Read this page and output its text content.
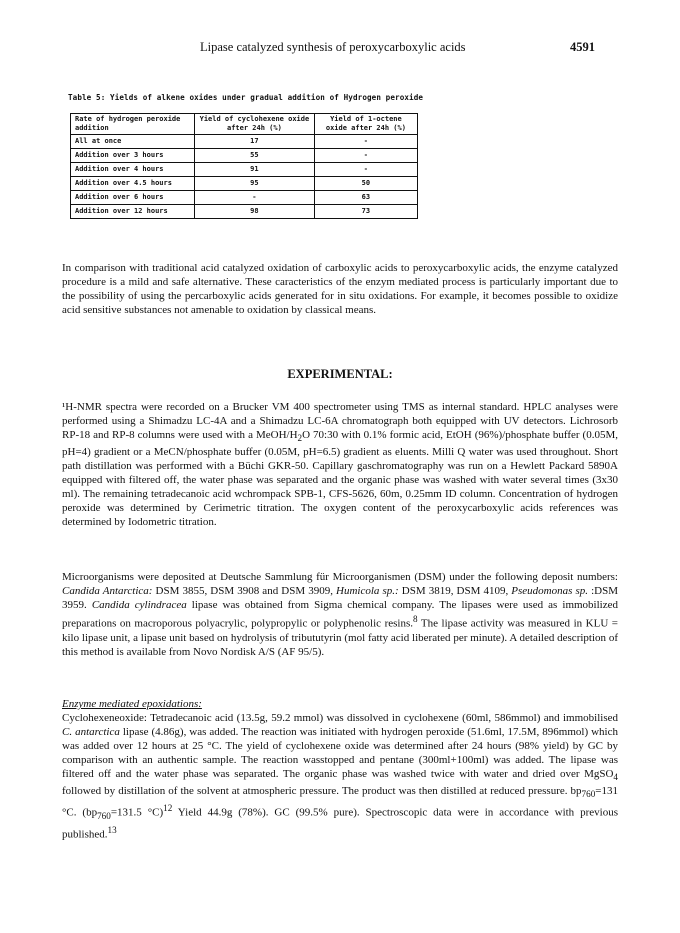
Lipase catalyzed synthesis of peroxycarboxylic acids	4591
Table 5: Yields of alkene oxides under gradual addition of Hydrogen peroxide
Rate of hydrogen peroxide addition	Yield of cyclohexene oxide after 24h (%)	Yield of 1-octene oxide after 24h (%)
All at once	17	-
Addition over 3 hours	55	-
Addition over 4 hours	91	-
Addition over 4.5 hours	95	50
Addition over 6 hours	-	63
Addition over 12 hours	98	73
In comparison with traditional acid catalyzed oxidation of carboxylic acids to peroxycarboxylic acids, the enzyme catalyzed procedure is a mild and safe alternative. These caracteristics of the enzym mediated process is particularly important due to the possibility of using the percarboxylic acids generated for in situ oxidations. For example, it becomes possible to oxidize acid sensitive substances not amenable to oxidation by classical means.
EXPERIMENTAL:
¹H-NMR spectra were recorded on a Brucker VM 400 spectrometer using TMS as internal standard. HPLC analyses were performed using a Shimadzu LC-4A and a Shimadzu LC-6A chromatograph both equipped with UV detectors. Lichrosorb RP-18 and RP-8 columns were used with a MeOH/$H_2O$ 70:30 with 0.1% formic acid, EtOH (96%)/phosphate buffer (0.05M, pH=4) gradient or a MeCN/phosphate buffer (0.05M, pH=6.5) gradient as eluents. Milli Q water was used throughout. Short path distillation was performed with a Büchi GKR-50. Capillary gaschromatography was run on a Hewlett Packard 5890A equipped with filtered off, the water phase was separated and the organic phase was washed with water several times (3x30 ml). The remaining tetradecanoic acid wchrompack SPB-1, CFS-5626, 60m, 0.25mm ID column. Concentration of hydrogen peroxide was determined by Cerimetric titration. The oxygen content of the peroxycarboxylic acids references was determined by Iodometric titration.
Microorganisms were deposited at Deutsche Sammlung für Microorganismen (DSM) under the following deposit numbers: Candida Antarctica: DSM 3855, DSM 3908 and DSM 3909, Humicola sp.: DSM 3819, DSM 4109, Pseudomonas sp. :DSM 3959. Candida cylindracea lipase was obtained from Sigma chemical company. The lipases were used as immobilized preparations on macroporous polyacrylic, polypropylic or polyphenolic resins.$^8$ The lipase activity was measured in KLU = kilo lipase unit, a lipase unit based on hydrolysis of tribututyrin (mol fatty acid liberated per minute). A detailed description of this method is available from Novo Nordisk A/S (AF 95/5).
Enzyme mediated epoxidations:
Cyclohexeneoxide: Tetradecanoic acid (13.5g, 59.2 mmol) was dissolved in cyclohexene (60ml, 586mmol) and immobilised C. antarctica lipase (4.86g), was added. The reaction was initiated with hydrogen peroxide (51.6ml, 17.5M, 896mmol) which was added over 12 hours at 25 °C. The yield of cyclohexene oxide was determined after 24 hours (98% yield) by GC by comparison with an authentic sample. The reaction wasstopped and pentane (300ml+100ml) was added. The lipase was filtered off and the water phase was separated. The organic phase was washed twice with water and dried over MgSO$_4$ followed by distillation of the solvent at atmospheric pressure. The product was then distilled at reduced pressure. $bp_{760}=131$ °C. ($bp_{760}=131.5$ °C)$^{12}$ Yield 44.9g (78%). GC (99.5% pure). Spectroscopic data were in accordance with previous published.$^{13}$
